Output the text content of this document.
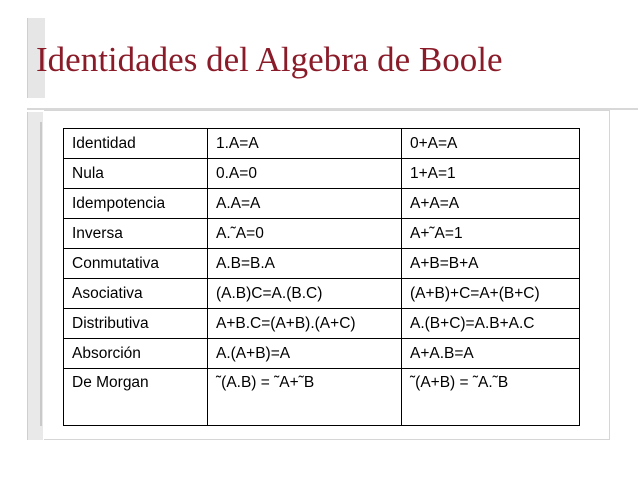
Identidades del Algebra de Boole
Identidad	1.A=A	0+A=A
Nula	0.A=0	1+A=1
Idempotencia	A.A=A	A+A=A
Inversa	A.˜A=0	A+˜A=1
Conmutativa	A.B=B.A	A+B=B+A
Asociativa	(A.B)C=A.(B.C)	(A+B)+C=A+(B+C)
Distributiva	A+B.C=(A+B).(A+C)	A.(B+C)=A.B+A.C
Absorción	A.(A+B)=A	A+A.B=A
De Morgan	˜(A.B) = ˜A+˜B	˜(A+B) = ˜A.˜B
